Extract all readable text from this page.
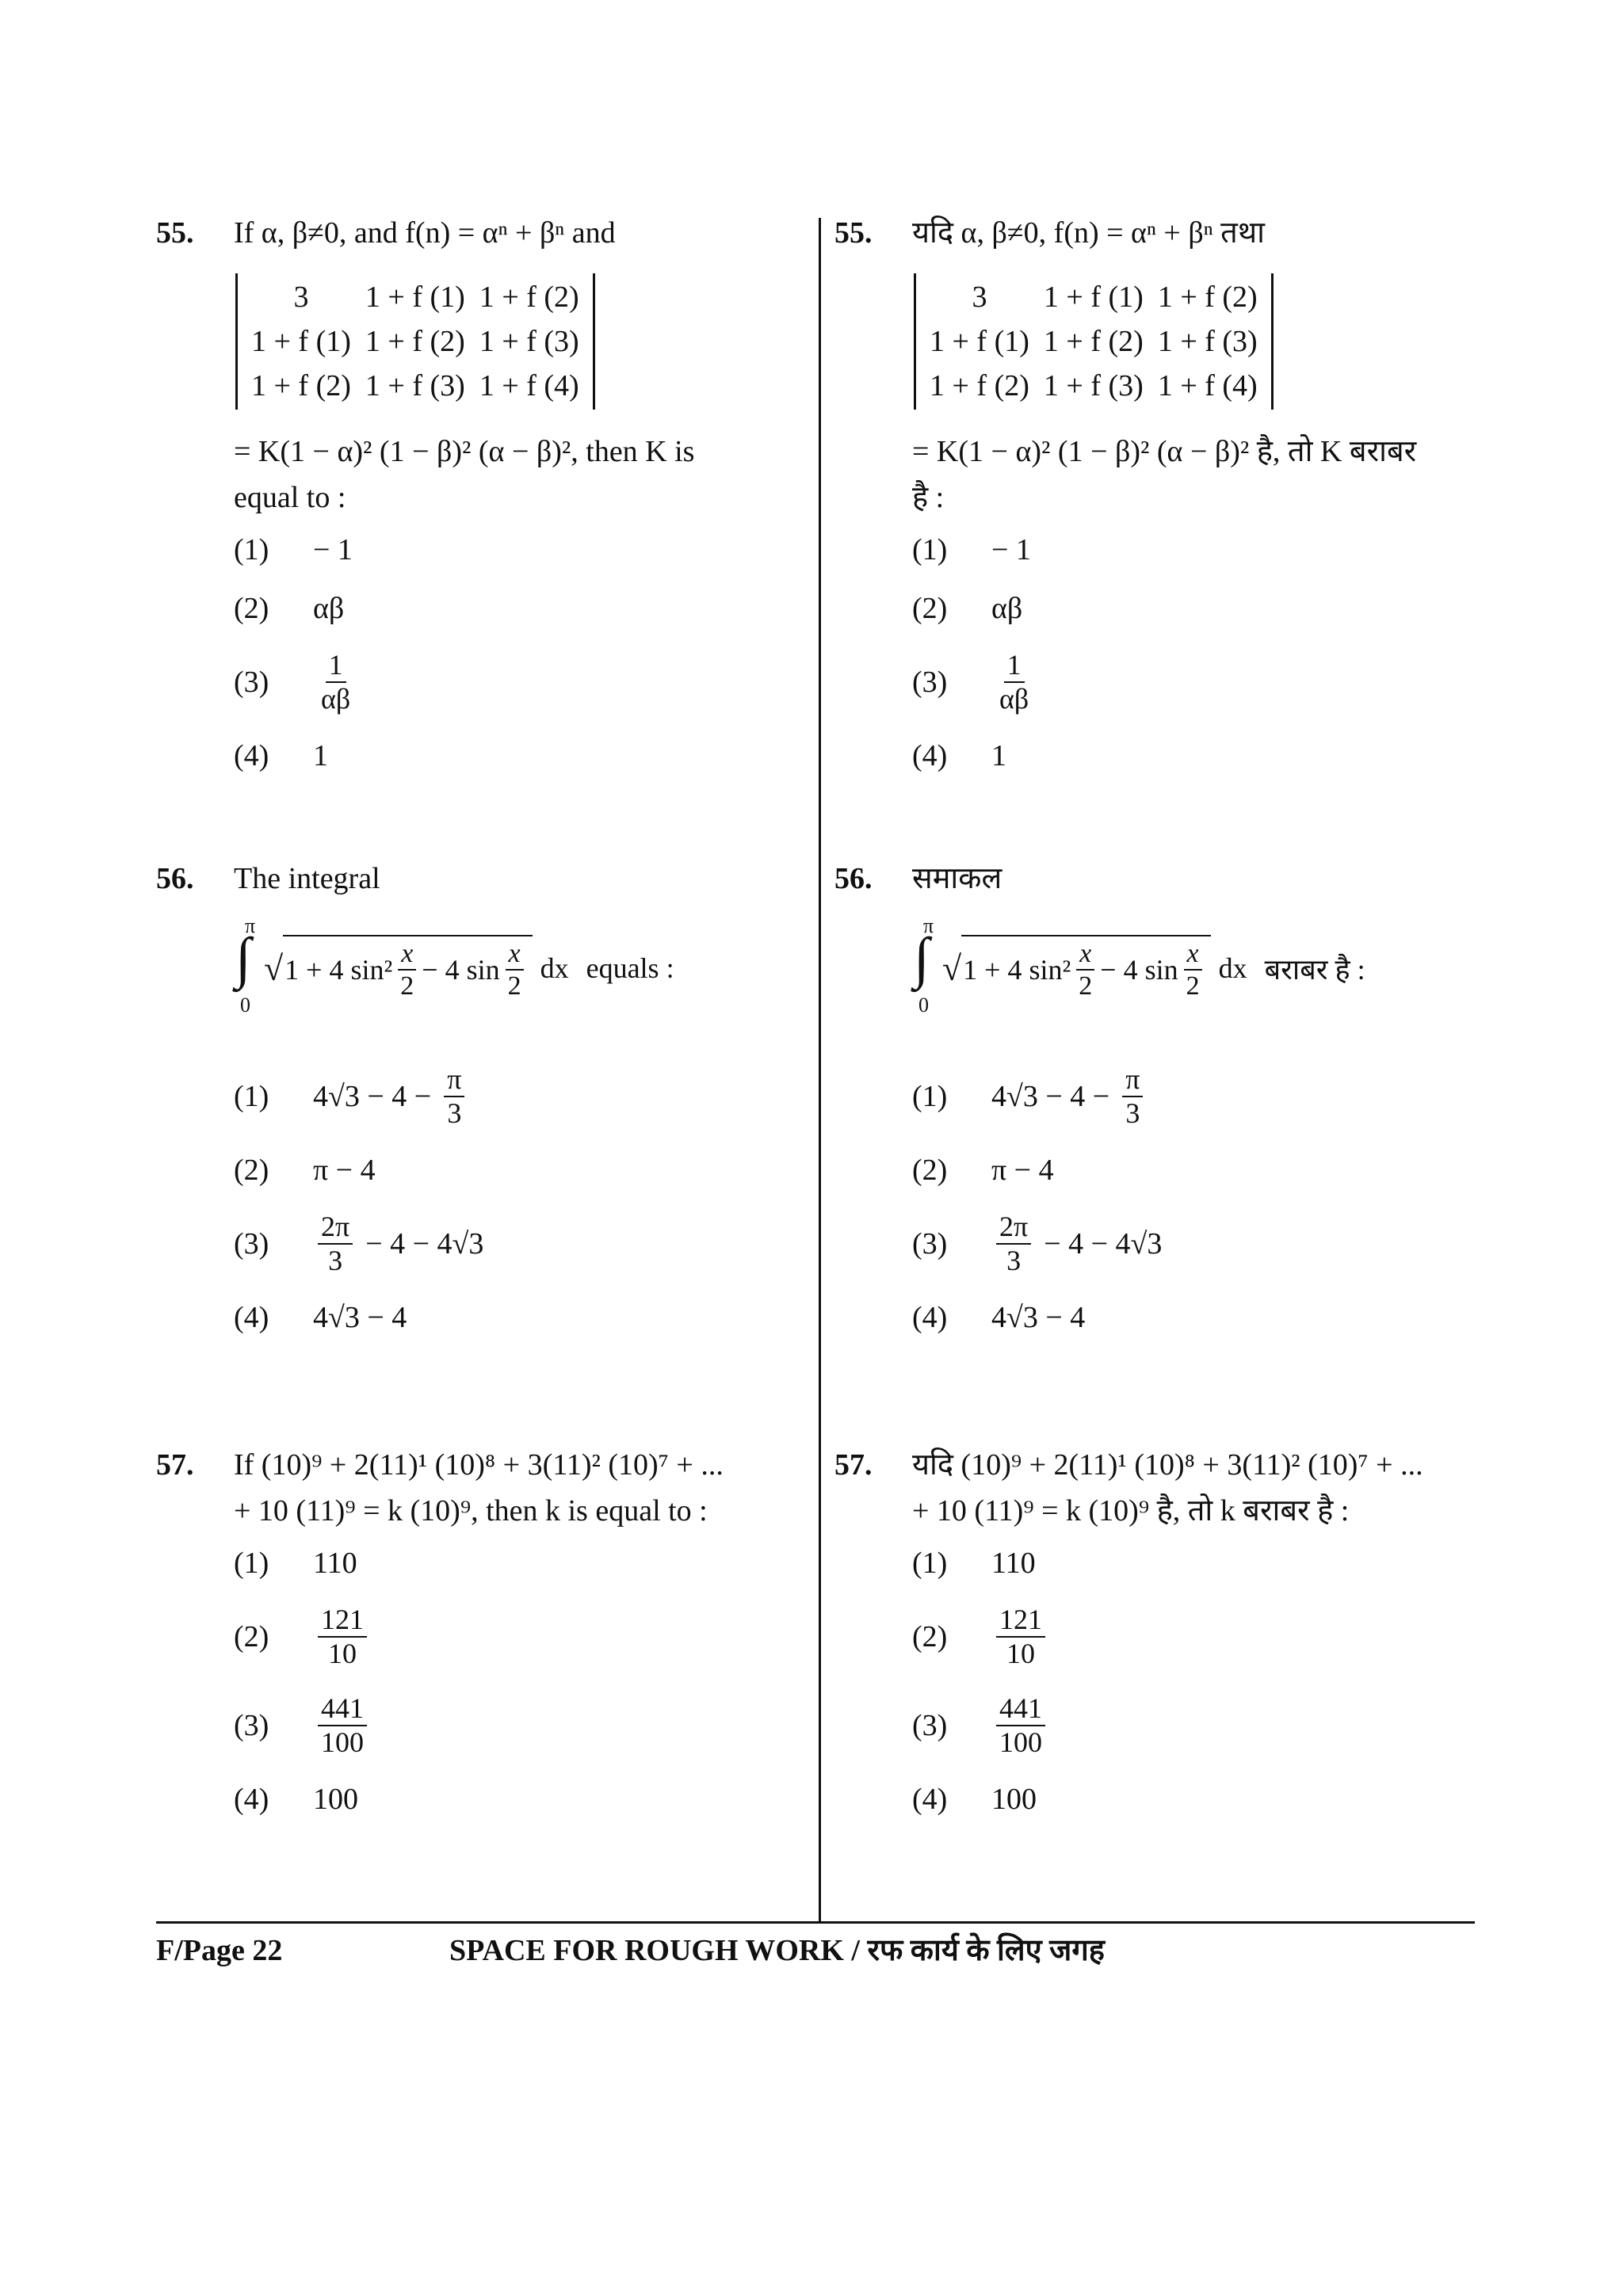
55. If α, β≠0, and f(n) = αⁿ + βⁿ and
3	1 + f (1)	1 + f (2)
1 + f (1)	1 + f (2)	1 + f (3)
1 + f (2)	1 + f (3)	1 + f (4)
= K(1 − α)² (1 − β)² (α − β)², then K is
equal to :
(1)	− 1
(2)	αβ
(3)	$\frac{1}{\alpha\beta}$
(4)	1
56. The integral
∫
π
0
√ 1 + 4 $\sin^2 \frac{x}{2} - 4$ $\sin \frac{x}{2}$ dx equals :
(1)	$4√3 - 4 - \frac{\pi}{3}$
(2)	π − 4
(3)	$\frac{2\pi}{3} - 4 - 4√3$
(4)	4√3 − 4
57. If (10)⁹ + 2(11)¹ (10)⁸ + 3(11)² (10)⁷ + ...
+ 10 (11)⁹ = k (10)⁹, then k is equal to :
(1)	110
(2)	$\frac{121}{10}$
(3)	$\frac{441}{100}$
(4)	100
55. यदि α, β≠0, f(n) = αⁿ + βⁿ तथा
3	1 + f (1)	1 + f (2)
1 + f (1)	1 + f (2)	1 + f (3)
1 + f (2)	1 + f (3)	1 + f (4)
= K(1 − α)² (1 − β)² (α − β)² है, तो K बराबर
है :
(1)	− 1
(2)	αβ
(3)	$\frac{1}{\alpha\beta}$
(4)	1
56. समाकल
∫
π
0
√ 1 + 4 $\sin^2 \frac{x}{2} - 4$ $\sin \frac{x}{2}$ dx बराबर है :
(1)	$4√3 - 4 - \frac{\pi}{3}$
(2)	π − 4
(3)	$\frac{2\pi}{3} - 4 - 4√3$
(4)	4√3 − 4
57. यदि (10)⁹ + 2(11)¹ (10)⁸ + 3(11)² (10)⁷ + ...
+ 10 (11)⁹ = k (10)⁹ है, तो k बराबर है :
(1)	110
(2)	$\frac{121}{10}$
(3)	$\frac{441}{100}$
(4)	100
F/Page 22	SPACE FOR ROUGH WORK / रफ कार्य के लिए जगह
